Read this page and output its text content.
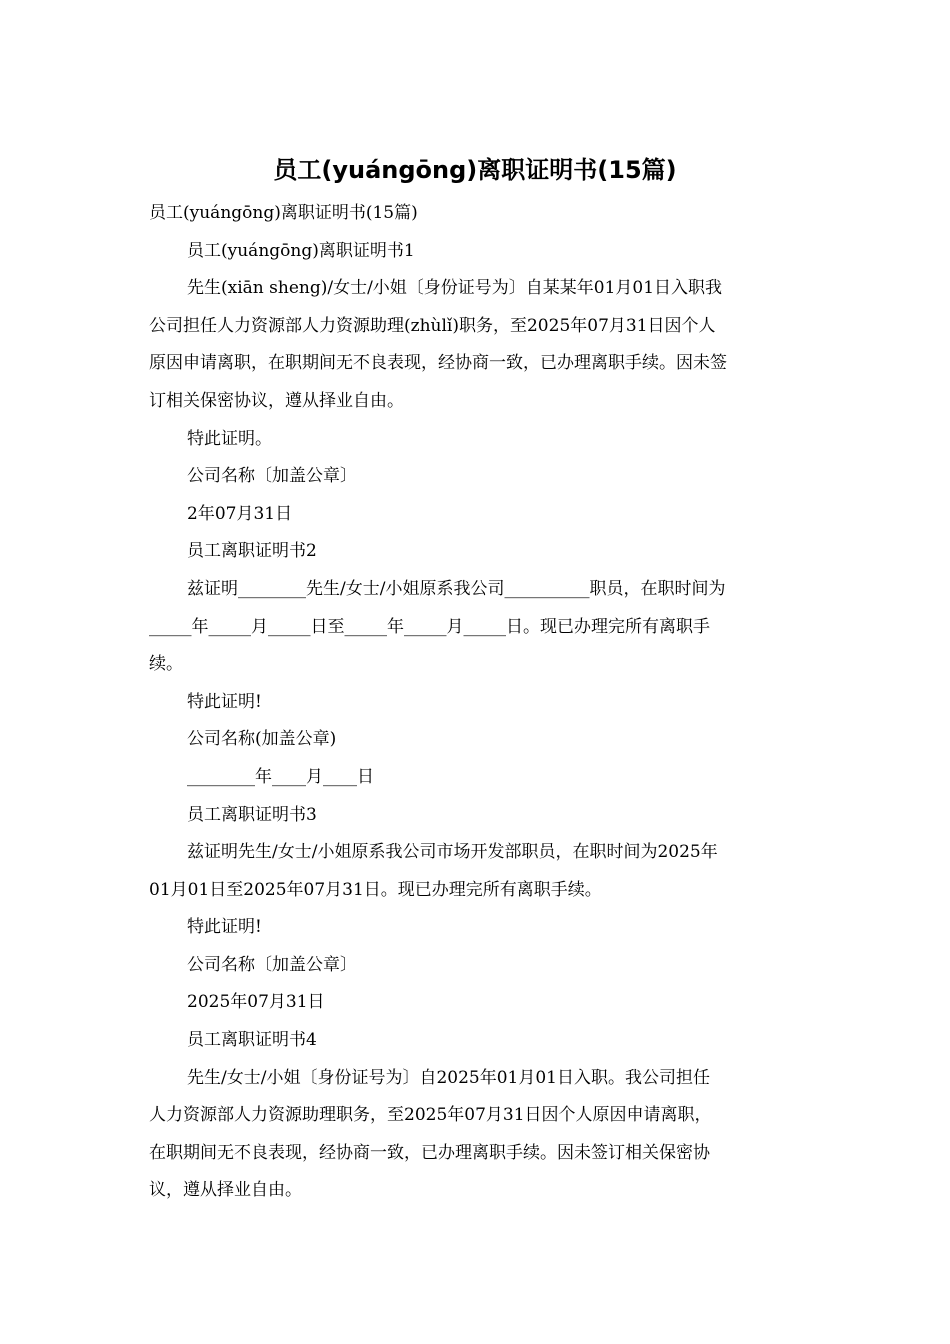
员工(yuángōng)离职证明书(15篇)
员工(yuángōng)离职证明书(15篇)
员工(yuángōng)离职证明书1
先生(xiān sheng)/女士/小姐〔身份证号为〕自某某年01月01日入职我
公司担任人力资源部人力资源助理(zhùlǐ)职务，至2025年07月31日因个人
原因申请离职，在职期间无不良表现，经协商一致，已办理离职手续。因未签
订相关保密协议，遵从择业自由。
特此证明。
公司名称〔加盖公章〕
2年07月31日
员工离职证明书2
兹证明________先生/女士/小姐原系我公司__________职员，在职时间为
_____年_____月_____日至_____年_____月_____日。现已办理完所有离职手
续。
特此证明!
公司名称(加盖公章)
________年____月____日
员工离职证明书3
兹证明先生/女士/小姐原系我公司市场开发部职员，在职时间为2025年
01月01日至2025年07月31日。现已办理完所有离职手续。
特此证明!
公司名称〔加盖公章〕
2025年07月31日
员工离职证明书4
先生/女士/小姐〔身份证号为〕自2025年01月01日入职。我公司担任
人力资源部人力资源助理职务，至2025年07月31日因个人原因申请离职，
在职期间无不良表现，经协商一致，已办理离职手续。因未签订相关保密协
议，遵从择业自由。
